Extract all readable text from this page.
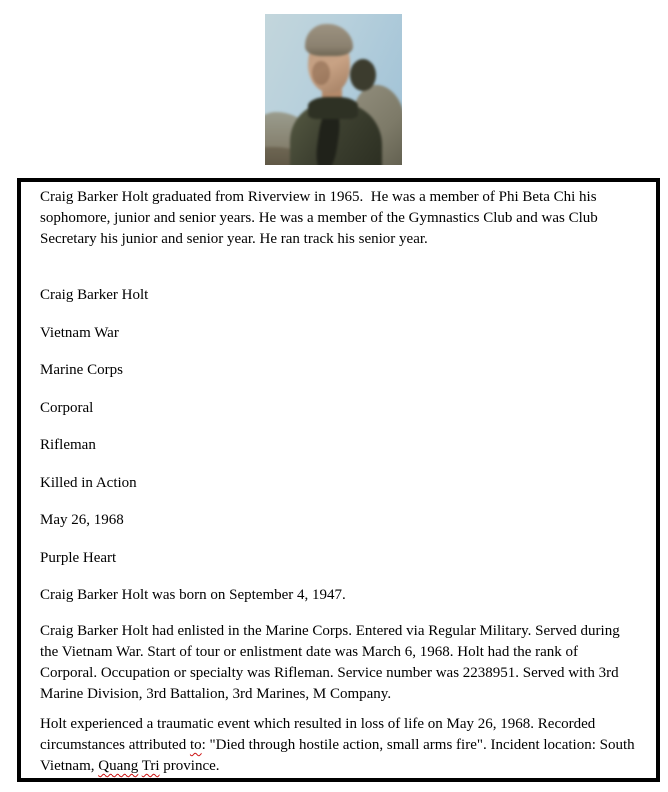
Craig Barker Holt graduated from Riverview in 1965.  He was a member of Phi Beta Chi his sophomore, junior and senior years. He was a member of the Gymnastics Club and was Club Secretary his junior and senior year. He ran track his senior year.

Craig Barker Holt

Vietnam War

Marine Corps

Corporal

Rifleman

Killed in Action

May 26, 1968

Purple Heart

Craig Barker Holt was born on September 4, 1947.

Craig Barker Holt had enlisted in the Marine Corps. Entered via Regular Military. Served during the Vietnam War. Start of tour or enlistment date was March 6, 1968. Holt had the rank of Corporal. Occupation or specialty was Rifleman. Service number was 2238951. Served with 3rd Marine Division, 3rd Battalion, 3rd Marines, M Company.

Holt experienced a traumatic event which resulted in loss of life on May 26, 1968. Recorded circumstances attributed to: "Died through hostile action, small arms fire". Incident location: South Vietnam, Quang Tri province.
